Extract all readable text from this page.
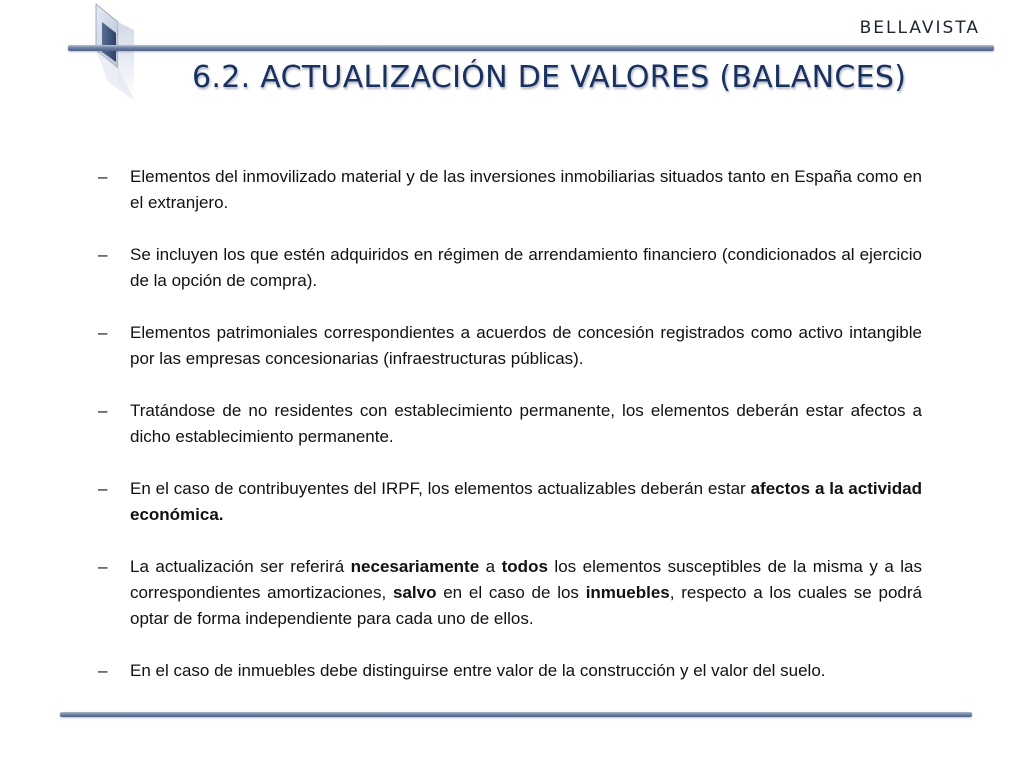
BELLAVISTA
6.2. ACTUALIZACIÓN DE VALORES (BALANCES)
– Elementos del inmovilizado material y de las inversiones inmobiliarias situados tanto en España como en el extranjero.
– Se incluyen los que estén adquiridos en régimen de arrendamiento financiero (condicionados al ejercicio de la opción de compra).
– Elementos patrimoniales correspondientes a acuerdos de concesión registrados como activo intangible por las empresas concesionarias (infraestructuras públicas).
– Tratándose de no residentes con establecimiento permanente, los elementos deberán estar afectos a dicho establecimiento permanente.
– En el caso de contribuyentes del IRPF, los elementos actualizables deberán estar afectos a la actividad económica.
– La actualización ser referirá necesariamente a todos los elementos susceptibles de la misma y a las correspondientes amortizaciones, salvo en el caso de los inmuebles, respecto a los cuales se podrá optar de forma independiente para cada uno de ellos.
– En el caso de inmuebles debe distinguirse entre valor de la construcción y el valor del suelo.
